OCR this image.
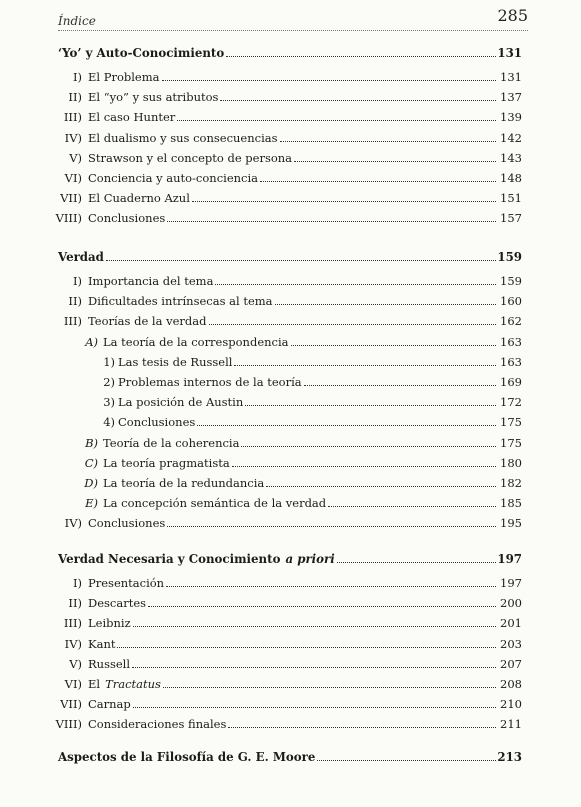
Índice	285
‘Yo’ y Auto-Conocimiento	131
I) El Problema	131
II) El “yo” y sus atributos	137
III) El caso Hunter	139
IV) El dualismo y sus consecuencias	142
V) Strawson y el concepto de persona	143
VI) Conciencia y auto-conciencia	148
VII) El Cuaderno Azul	151
VIII) Conclusiones	157
Verdad	159
I) Importancia del tema	159
II) Dificultades intrínsecas al tema	160
III) Teorías de la verdad	162
A) La teoría de la correspondencia	163
1) Las tesis de Russell	163
2) Problemas internos de la teoría	169
3) La posición de Austin	172
4) Conclusiones	175
B) Teoría de la coherencia	175
C) La teoría pragmatista	180
D) La teoría de la redundancia	182
E) La concepción semántica de la verdad	185
IV) Conclusiones	195
Verdad Necesaria y Conocimiento a priori	197
I) Presentación	197
II) Descartes	200
III) Leibniz	201
IV) Kant	203
V) Russell	207
VI) El Tractatus	208
VII) Carnap	210
VIII) Consideraciones finales	211
Aspectos de la Filosofía de G. E. Moore	213
